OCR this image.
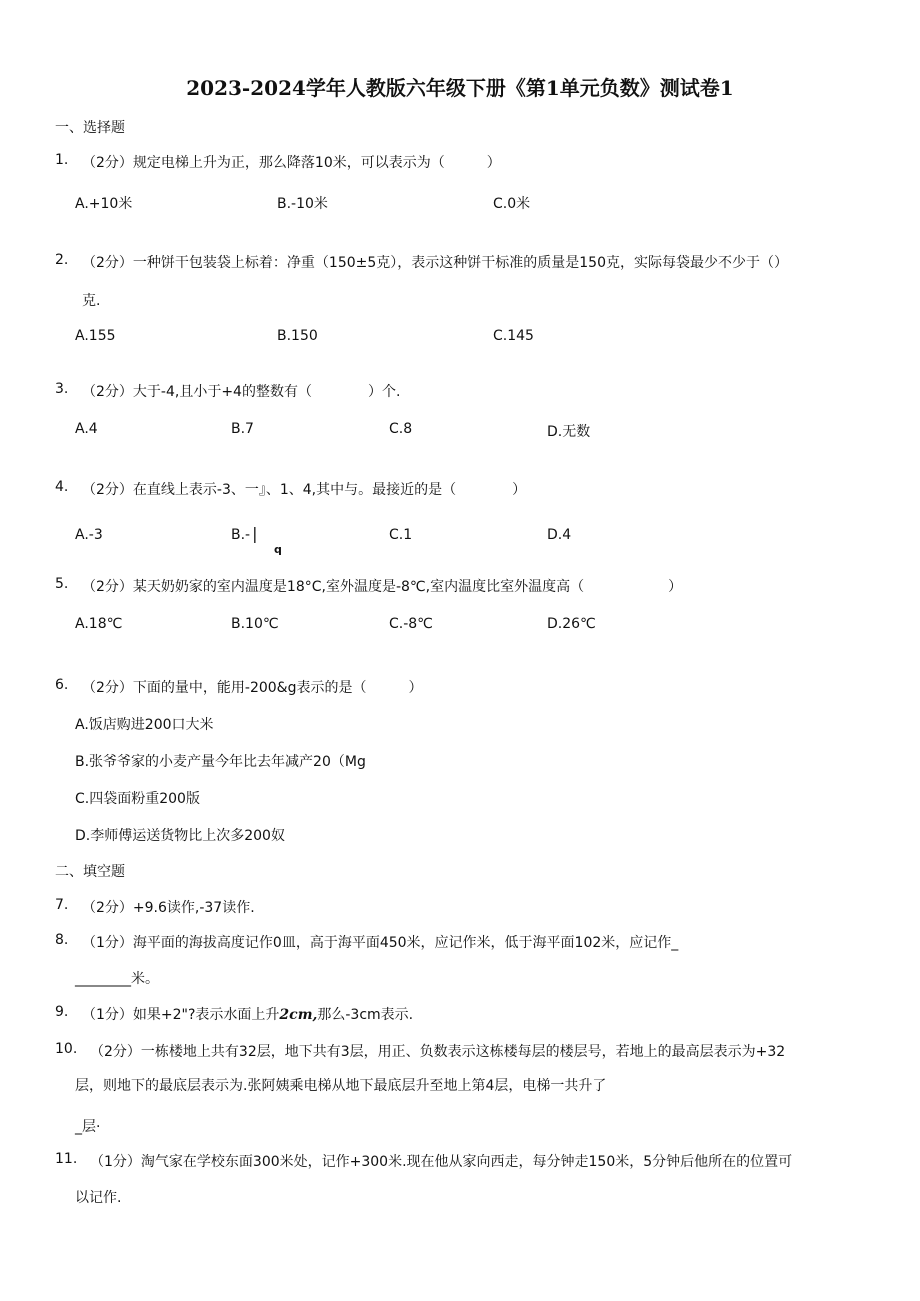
2023-2024学年人教版六年级下册《第1单元负数》测试卷1
一、选择题
1. （2分）规定电梯上升为正，那么降落10米，可以表示为（　　　）
A.+10米	B.-10米	C.0米
2. （2分）一种饼干包装袋上标着：净重（150±5克），表示这种饼干标准的质量是150克，实际每袋最少不少于（）
克.
A.155	B.150	C.145
3. （2分）大于-4,且小于+4的整数有（　　　　）个.
A.4	B.7	C.8	D.无数
4. （2分）在直线上表示-3、一』、1、4,其中与。最接近的是（　　　　）
A.-3	B.- |
q
C.1	D.4
5. （2分）某天奶奶家的室内温度是18°C,室外温度是-8℃,室内温度比室外温度高（　　　　　　）
A.18℃	B.10℃	C.-8℃	D.26℃
6. （2分）下面的量中，能用-200&g表示的是（　　　）
A.饭店购进200口大米
B.张爷爷家的小麦产量今年比去年减产20（Mg
C.四袋面粉重200版
D.李师傅运送货物比上次多200奴
二、填空题
7. （2分）+9.6读作,-37读作.
8. （1分）海平面的海拔高度记作0皿，高于海平面450米，应记作米，低于海平面102米，应记作_
________米。
9. （1分）如果+2"?表示水面上升2cm,那么-3cm表示.
10. （2分）一栋楼地上共有32层，地下共有3层，用正、负数表示这栋楼每层的楼层号，若地上的最高层表示为+32
层，则地下的最底层表示为.张阿姨乘电梯从地下最底层升至地上第4层，电梯一共升了
_层·
11. （1分）淘气家在学校东面300米处，记作+300米.现在他从家向西走，每分钟走150米，5分钟后他所在的位置可
以记作.
